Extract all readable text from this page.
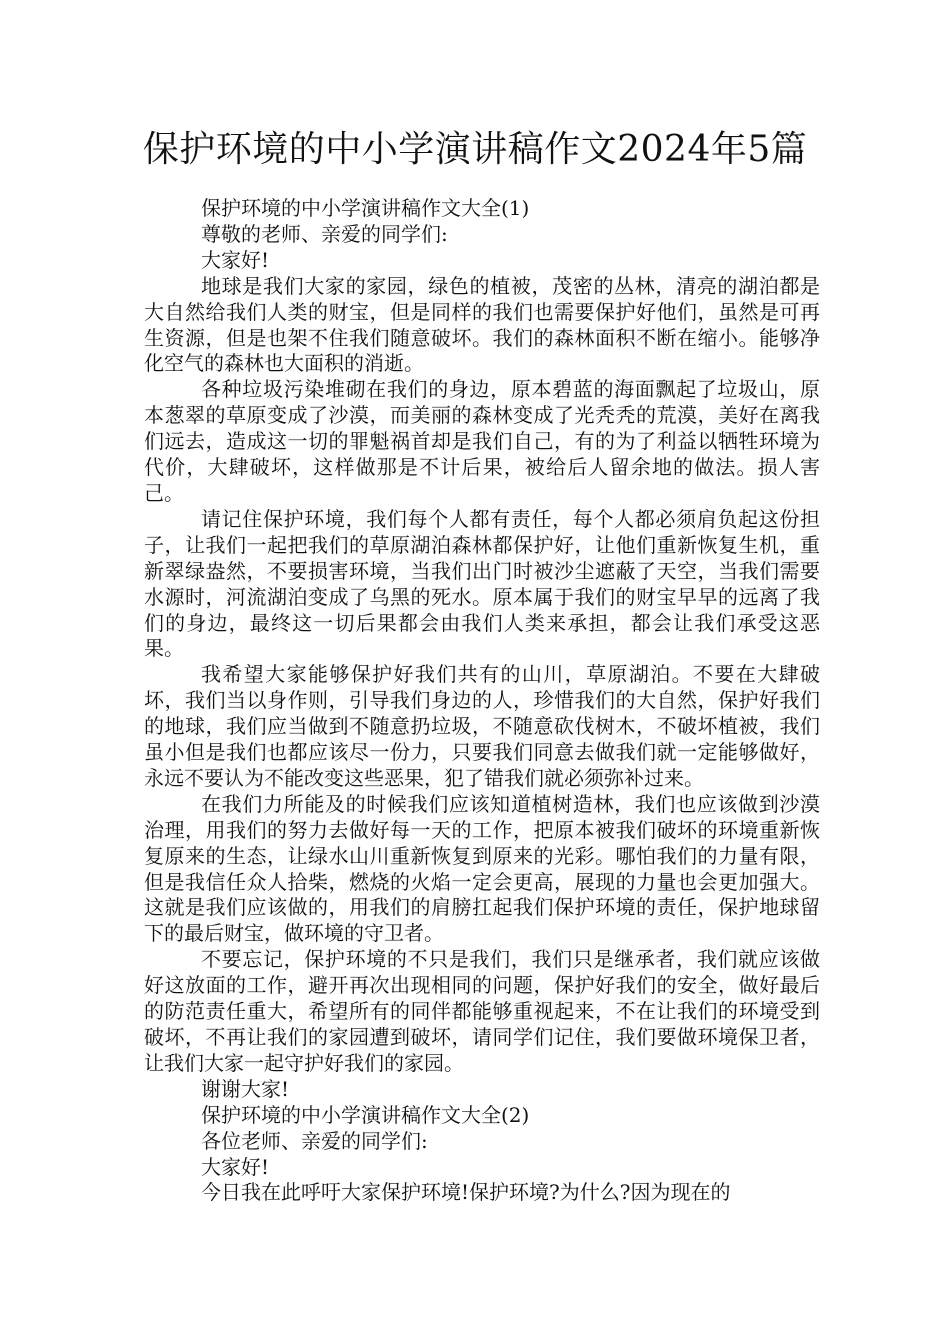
保护环境的中小学演讲稿作文2024年5篇

保护环境的中小学演讲稿作文大全(1)

尊敬的老师、亲爱的同学们:

大家好!

地球是我们大家的家园，绿色的植被，茂密的丛林，清亮的湖泊都是大自然给我们人类的财宝，但是同样的我们也需要保护好他们，虽然是可再生资源，但是也架不住我们随意破坏。我们的森林面积不断在缩小。能够净化空气的森林也大面积的消逝。

各种垃圾污染堆砌在我们的身边，原本碧蓝的海面飘起了垃圾山，原本葱翠的草原变成了沙漠，而美丽的森林变成了光秃秃的荒漠，美好在离我们远去，造成这一切的罪魁祸首却是我们自己，有的为了利益以牺牲环境为代价，大肆破坏，这样做那是不计后果，被给后人留余地的做法。损人害己。

请记住保护环境，我们每个人都有责任，每个人都必须肩负起这份担子，让我们一起把我们的草原湖泊森林都保护好，让他们重新恢复生机，重新翠绿盎然，不要损害环境，当我们出门时被沙尘遮蔽了天空，当我们需要水源时，河流湖泊变成了乌黑的死水。原本属于我们的财宝早早的远离了我们的身边，最终这一切后果都会由我们人类来承担，都会让我们承受这恶果。

我希望大家能够保护好我们共有的山川，草原湖泊。不要在大肆破坏，我们当以身作则，引导我们身边的人，珍惜我们的大自然，保护好我们的地球，我们应当做到不随意扔垃圾，不随意砍伐树木，不破坏植被，我们虽小但是我们也都应该尽一份力，只要我们同意去做我们就一定能够做好，永远不要认为不能改变这些恶果，犯了错我们就必须弥补过来。

在我们力所能及的时候我们应该知道植树造林，我们也应该做到沙漠治理，用我们的努力去做好每一天的工作，把原本被我们破坏的环境重新恢复原来的生态，让绿水山川重新恢复到原来的光彩。哪怕我们的力量有限，但是我信任众人拾柴，燃烧的火焰一定会更高，展现的力量也会更加强大。这就是我们应该做的，用我们的肩膀扛起我们保护环境的责任，保护地球留下的最后财宝，做环境的守卫者。

不要忘记，保护环境的不只是我们，我们只是继承者，我们就应该做好这放面的工作，避开再次出现相同的问题，保护好我们的安全，做好最后的防范责任重大，希望所有的同伴都能够重视起来，不在让我们的环境受到破坏，不再让我们的家园遭到破坏，请同学们记住，我们要做环境保卫者，让我们大家一起守护好我们的家园。

谢谢大家!

保护环境的中小学演讲稿作文大全(2)

各位老师、亲爱的同学们:

大家好!

今日我在此呼吁大家保护环境!保护环境?为什么?因为现在的
